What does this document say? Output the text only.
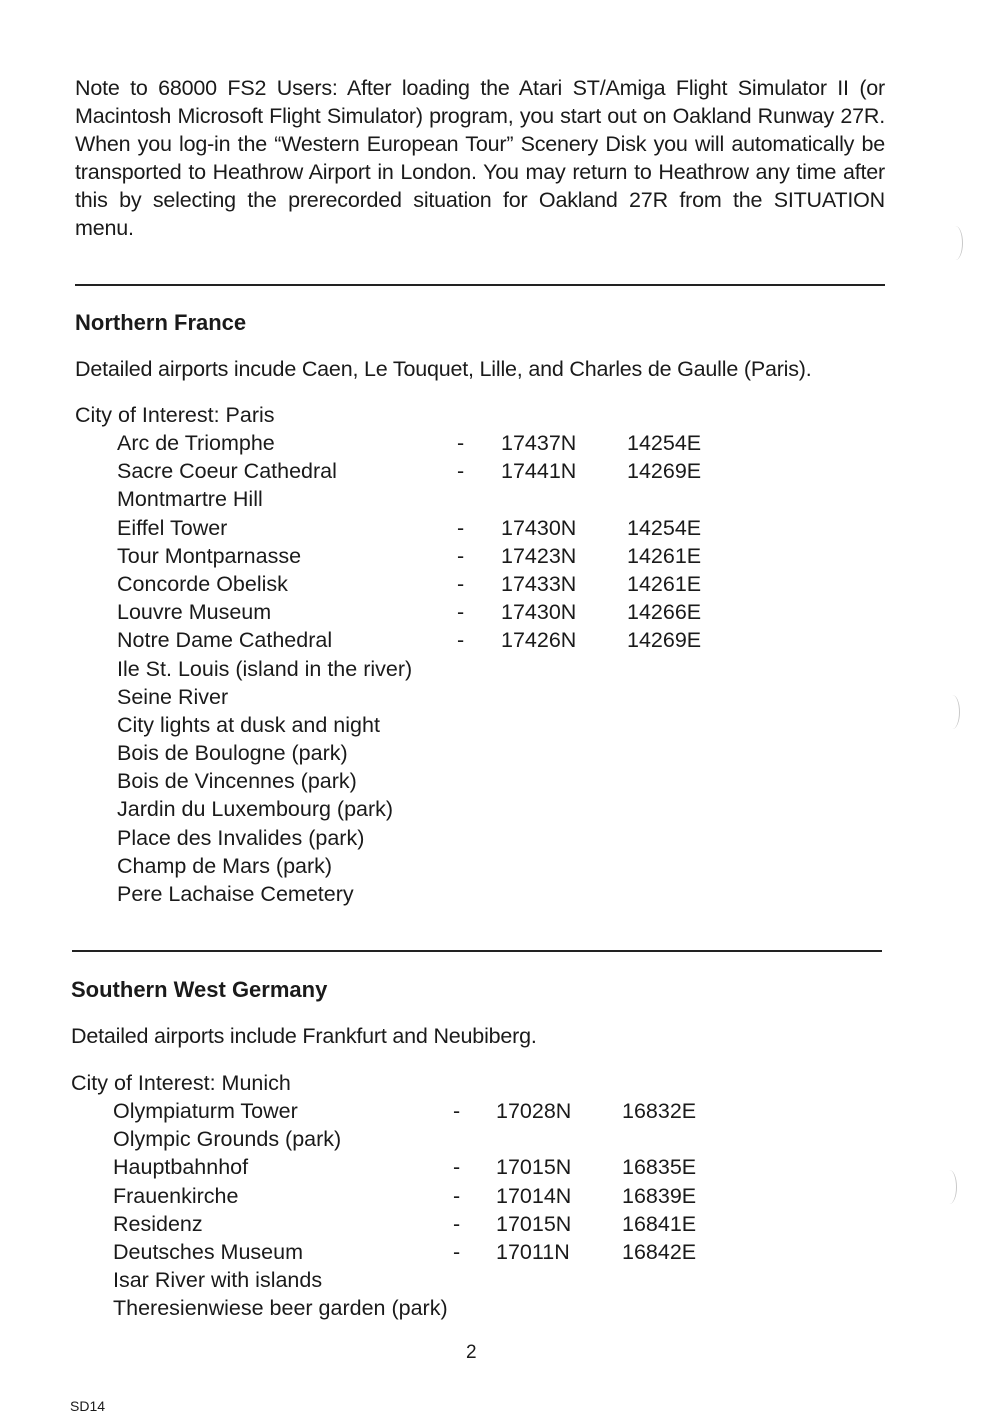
Note to 68000 FS2 Users: After loading the Atari ST/Amiga Flight Simulator II (or Macintosh Microsoft Flight Simulator) program, you start out on Oakland Runway 27R. When you log-in the “Western European Tour” Scenery Disk you will automatically be transported to Heathrow Airport in London. You may return to Heathrow any time after this by selecting the prerecorded situation for Oakland 27R from the SITUATION menu.

Northern France

Detailed airports incude Caen, Le Touquet, Lille, and Charles de Gaulle (Paris).

City of Interest: Paris

Arc de Triomphe	- 17437N 14254E
Sacre Coeur Cathedral	- 17441N 14269E
Montmartre Hill
Eiffel Tower	- 17430N 14254E
Tour Montparnasse	- 17423N 14261E
Concorde Obelisk	- 17433N 14261E
Louvre Museum	- 17430N 14266E
Notre Dame Cathedral	- 17426N 14269E
Ile St. Louis (island in the river)
Seine River
City lights at dusk and night
Bois de Boulogne (park)
Bois de Vincennes (park)
Jardin du Luxembourg (park)
Place des Invalides (park)
Champ de Mars (park)
Pere Lachaise Cemetery
Southern West Germany

Detailed airports include Frankfurt and Neubiberg.

City of Interest: Munich

Olympiaturm Tower	- 17028N 16832E
Olympic Grounds (park)
Hauptbahnhof	- 17015N 16835E
Frauenkirche	- 17014N 16839E
Residenz	- 17015N 16841E
Deutsches Museum	- 17011N 16842E
Isar River with islands
Theresienwiese beer garden (park)
2
SD14
